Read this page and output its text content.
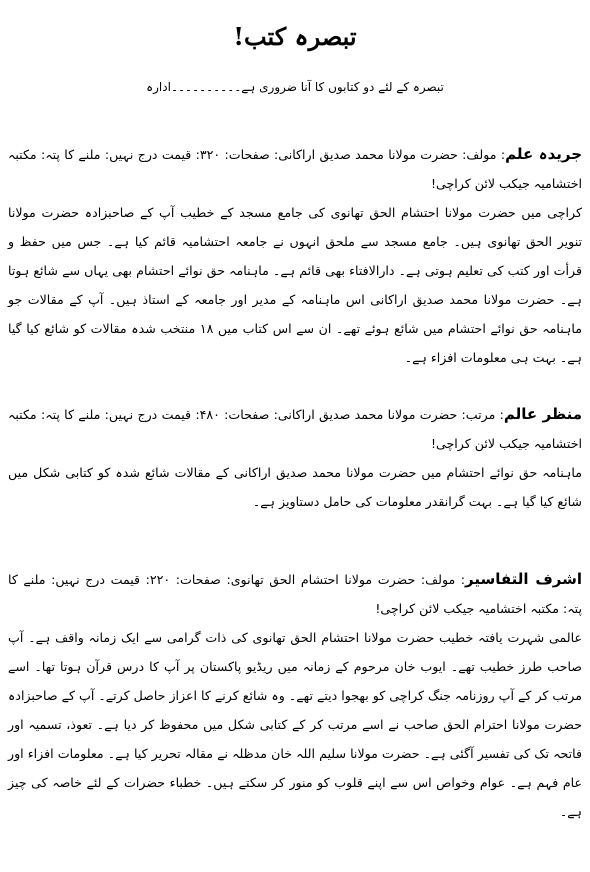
تبصرہ کتب!
تبصرہ کے لئے دو کتابوں کا آنا ضروری ہے۔۔۔۔۔۔۔۔۔۔ادارہ
جریدہ علم: مولف: حضرت مولانا محمد صدیق اراکانی: صفحات: ۳۲۰: قیمت درج نہیں: ملنے کا پتہ: مکتبہ اختشامیہ جیکب لائن کراچی!
کراچی میں حضرت مولانا احتشام الحق تھانوی کی جامع مسجد کے خطیب آپ کے صاحبزادہ حضرت مولانا تنویر الحق تھانوی ہیں۔ جامع مسجد سے ملحق انہوں نے جامعہ احتشامیہ قائم کیا ہے۔ جس میں حفظ و قرأت اور کتب کی تعلیم ہوتی ہے۔ دارالافتاء بھی قائم ہے۔ ماہنامہ حق نوائے احتشام بھی یہاں سے شائع ہوتا ہے۔ حضرت مولانا محمد صدیق اراکانی اس ماہنامہ کے مدیر اور جامعہ کے استاذ ہیں۔ آپ کے مقالات جو ماہنامہ حق نوائے احتشام میں شائع ہوئے تھے۔ ان سے اس کتاب میں ۱۸ منتخب شدہ مقالات کو شائع کیا گیا ہے۔ بہت ہی معلومات افزاء ہے۔
منظر عالم: مرتب: حضرت مولانا محمد صدیق اراکانی: صفحات: ۴۸۰: قیمت درج نہیں: ملنے کا پتہ: مکتبہ اختشامیہ جیکب لائن کراچی!
ماہنامہ حق نوائے احتشام میں حضرت مولانا محمد صدیق اراکانی کے مقالات شائع شدہ کو کتابی شکل میں شائع کیا گیا ہے۔ بہت گرانقدر معلومات کی حامل دستاویز ہے۔
اشرف التفاسیر: مولف: حضرت مولانا احتشام الحق تھانوی: صفحات: ۲۲۰: قیمت درج نہیں: ملنے کا پتہ: مکتبہ اختشامیہ جیکب لائن کراچی!
عالمی شہرت یافتہ خطیب حضرت مولانا احتشام الحق تھانوی کی ذات گرامی سے ایک زمانہ واقف ہے۔ آپ صاحب طرز خطیب تھے۔ ایوب خان مرحوم کے زمانہ میں ریڈیو پاکستان پر آپ کا درس قرآن ہوتا تھا۔ اسے مرتب کر کے آپ روزنامہ جنگ کراچی کو بھجوا دیتے تھے۔ وہ شائع کرنے کا اعزاز حاصل کرتے۔ آپ کے صاحبزادہ حضرت مولانا احترام الحق صاحب نے اسے مرتب کر کے کتابی شکل میں محفوظ کر دیا ہے۔ تعوذ، تسمیہ اور فاتحہ تک کی تفسیر آگئی ہے۔ حضرت مولانا سلیم اللہ خان مدظلہ نے مقالہ تحریر کیا ہے۔ معلومات افزاء اور عام فہم ہے۔ عوام وخواص اس سے اپنے قلوب کو منور کر سکتے ہیں۔ خطباء حضرات کے لئے خاصہ کی چیز ہے۔
